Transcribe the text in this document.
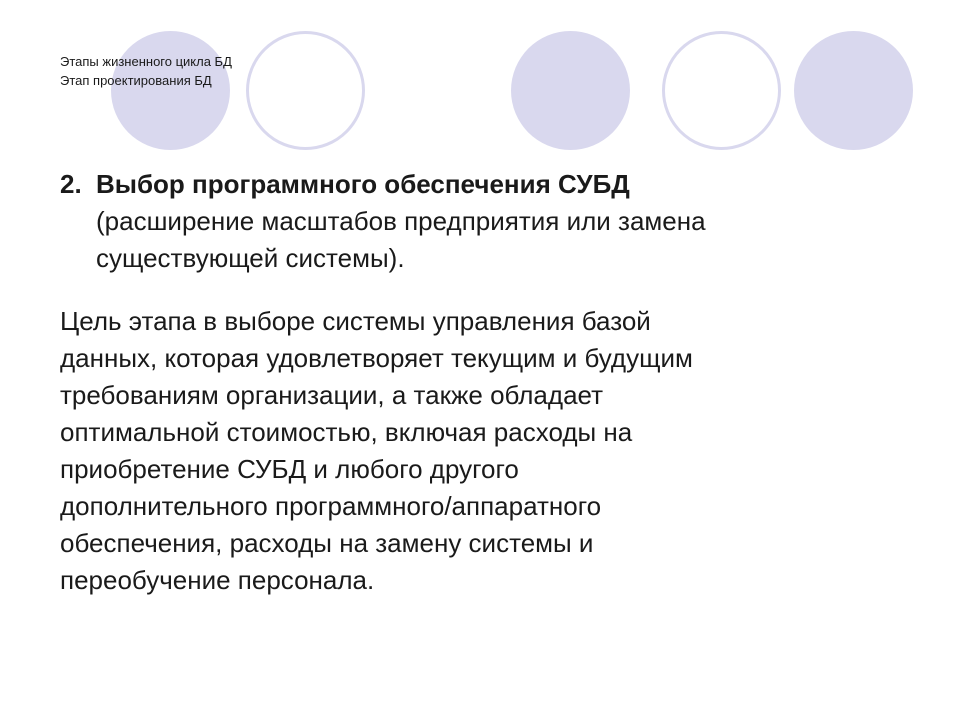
Этапы жизненного цикла БД
Этап проектирования БД
2. Выбор программного обеспечения СУБД
(расширение масштабов предприятия или замена
существующей системы).
Цель этапа в выборе системы управления базой
данных, которая удовлетворяет текущим и будущим
требованиям организации, а также обладает
оптимальной стоимостью, включая расходы на
приобретение СУБД и любого другого
дополнительного программного/аппаратного
обеспечения, расходы на замену системы и
переобучение персонала.
